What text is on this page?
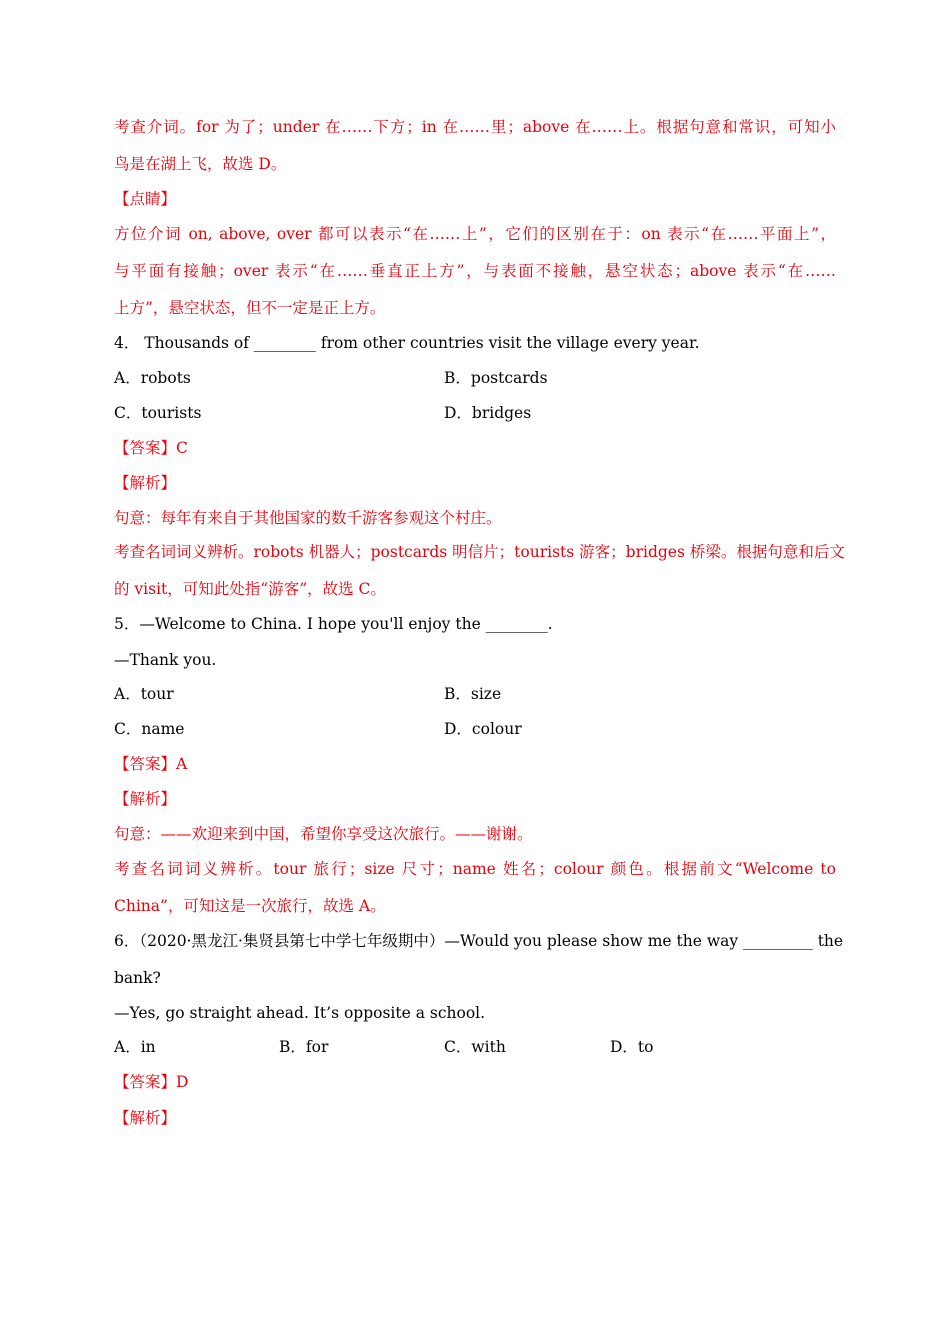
考查介词。for 为了；under 在……下方；in 在……里；above 在……上。根据句意和常识，可知小
鸟是在湖上飞，故选 D。
【点睛】
方位介词 on, above, over 都可以表示“在……上”，它们的区别在于：on 表示“在……平面上”，
与平面有接触；over 表示“在……垂直正上方”，与表面不接触，悬空状态；above 表示“在……
上方”，悬空状态，但不一定是正上方。
4． Thousands of ________ from other countries visit the village every year.
A．robots	B．postcards
C．tourists	D．bridges
【答案】C
【解析】
句意：每年有来自于其他国家的数千游客参观这个村庄。
考查名词词义辨析。robots 机器人；postcards 明信片；tourists 游客；bridges 桥梁。根据句意和后文
的 visit，可知此处指“游客”，故选 C。
5．—Welcome to China. I hope you'll enjoy the ________.
—Thank you.
A．tour	B．size
C．name	D．colour
【答案】A
【解析】
句意：——欢迎来到中国，希望你享受这次旅行。——谢谢。
考查名词词义辨析。tour 旅行；size 尺寸；name 姓名；colour 颜色。根据前文“Welcome to
China”，可知这是一次旅行，故选 A。
6．（2020·黑龙江·集贤县第七中学七年级期中）—Would you please show me the way _________ the
bank?
—Yes, go straight ahead. It’s opposite a school.
A．in	B．for	C．with	D．to
【答案】D
【解析】
